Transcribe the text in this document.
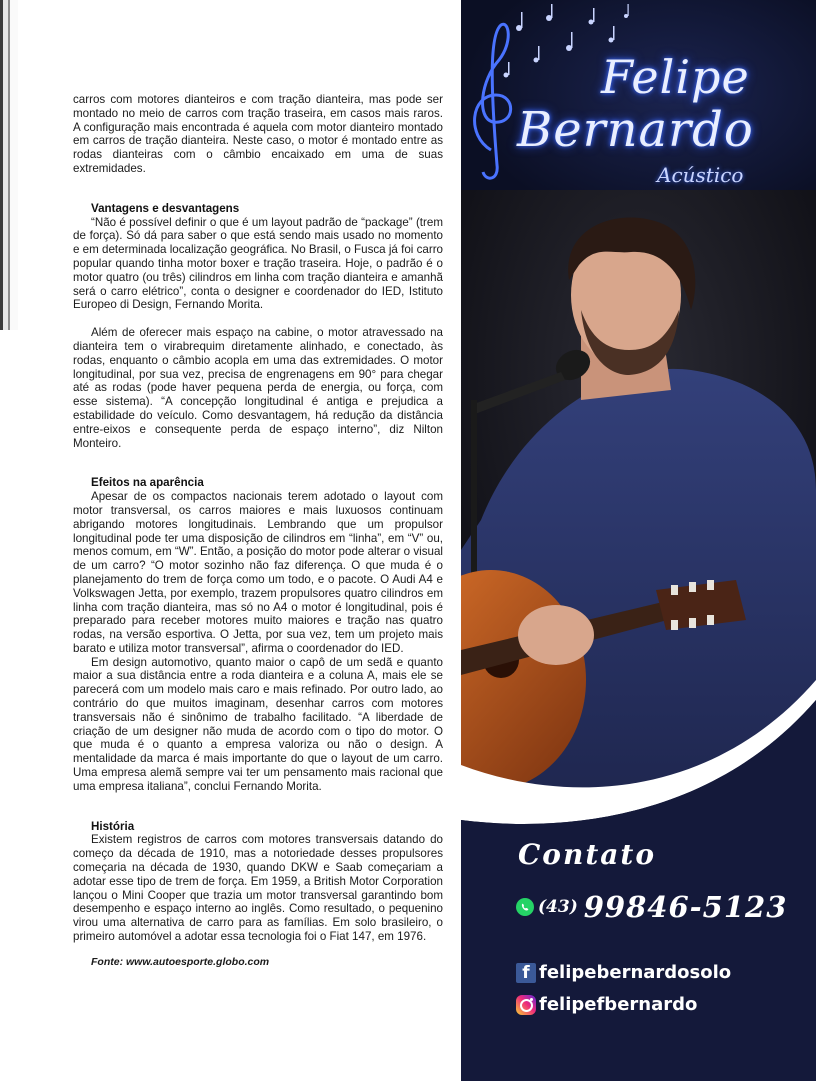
carros com motores dianteiros e com tração dianteira, mas pode ser montado no meio de carros com tração traseira, em casos mais raros. A configuração mais encontrada é aquela com motor dianteiro montado em carros de tração dianteira. Neste caso, o motor é montado entre as rodas dianteiras com o câmbio encaixado em uma de suas extremidades.

Vantagens e desvantagens

“Não é possível definir o que é um layout padrão de “package” (trem de força). Só dá para saber o que está sendo mais usado no momento e em determinada localização geográfica. No Brasil, o Fusca já foi carro popular quando tinha motor boxer e tração traseira. Hoje, o padrão é o motor quatro (ou três) cilindros em linha com tração dianteira e amanhã será o carro elétrico”, conta o designer e coordenador do IED, Istituto Europeo di Design, Fernando Morita.

Além de oferecer mais espaço na cabine, o motor atravessado na dianteira tem o virabrequim diretamente alinhado, e conectado, às rodas, enquanto o câmbio acopla em uma das extremidades. O motor longitudinal, por sua vez, precisa de engrenagens em 90° para chegar até as rodas (pode haver pequena perda de energia, ou força, com esse sistema). “A concepção longitudinal é antiga e prejudica a estabilidade do veículo. Como desvantagem, há redução da distância entre-eixos e consequente perda de espaço interno”, diz Nilton Monteiro.

Efeitos na aparência

Apesar de os compactos nacionais terem adotado o layout com motor transversal, os carros maiores e mais luxuosos continuam abrigando motores longitudinais. Lembrando que um propulsor longitudinal pode ter uma disposição de cilindros em “linha”, em “V” ou, menos comum, em “W”. Então, a posição do motor pode alterar o visual de um carro? “O motor sozinho não faz diferença. O que muda é o planejamento do trem de força como um todo, e o pacote. O Audi A4 e Volkswagen Jetta, por exemplo, trazem propulsores quatro cilindros em linha com tração dianteira, mas só no A4 o motor é longitudinal, pois é preparado para receber motores muito maiores e tração nas quatro rodas, na versão esportiva. O Jetta, por sua vez, tem um projeto mais barato e utiliza motor transversal”, afirma o coordenador do IED.

Em design automotivo, quanto maior o capô de um sedã e quanto maior a sua distância entre a roda dianteira e a coluna A, mais ele se parecerá com um modelo mais caro e mais refinado. Por outro lado, ao contrário do que muitos imaginam, desenhar carros com motores transversais não é sinônimo de trabalho facilitado. “A liberdade de criação de um designer não muda de acordo com o tipo do motor. O que muda é o quanto a empresa valoriza ou não o design. A mentalidade da marca é mais importante do que o layout de um carro. Uma empresa alemã sempre vai ter um pensamento mais racional que uma empresa italiana”, conclui Fernando Morita.

História

Existem registros de carros com motores transversais datando do começo da década de 1910, mas a notoriedade desses propulsores começaria na década de 1930, quando DKW e Saab começariam a adotar esse tipo de trem de força. Em 1959, a British Motor Corporation lançou o Mini Cooper que trazia um motor transversal garantindo bom desempenho e espaço interno ao inglês. Como resultado, o pequenino virou uma alternativa de carro para as famílias. Em solo brasileiro, o primeiro automóvel a adotar essa tecnologia foi o Fiat 147, em 1976.

Fonte: www.autoesporte.globo.com

Felipe
Bernardo
Acústico
Contato
(43) 99846-5123
f felipebernardosolo
felipefbernardo
